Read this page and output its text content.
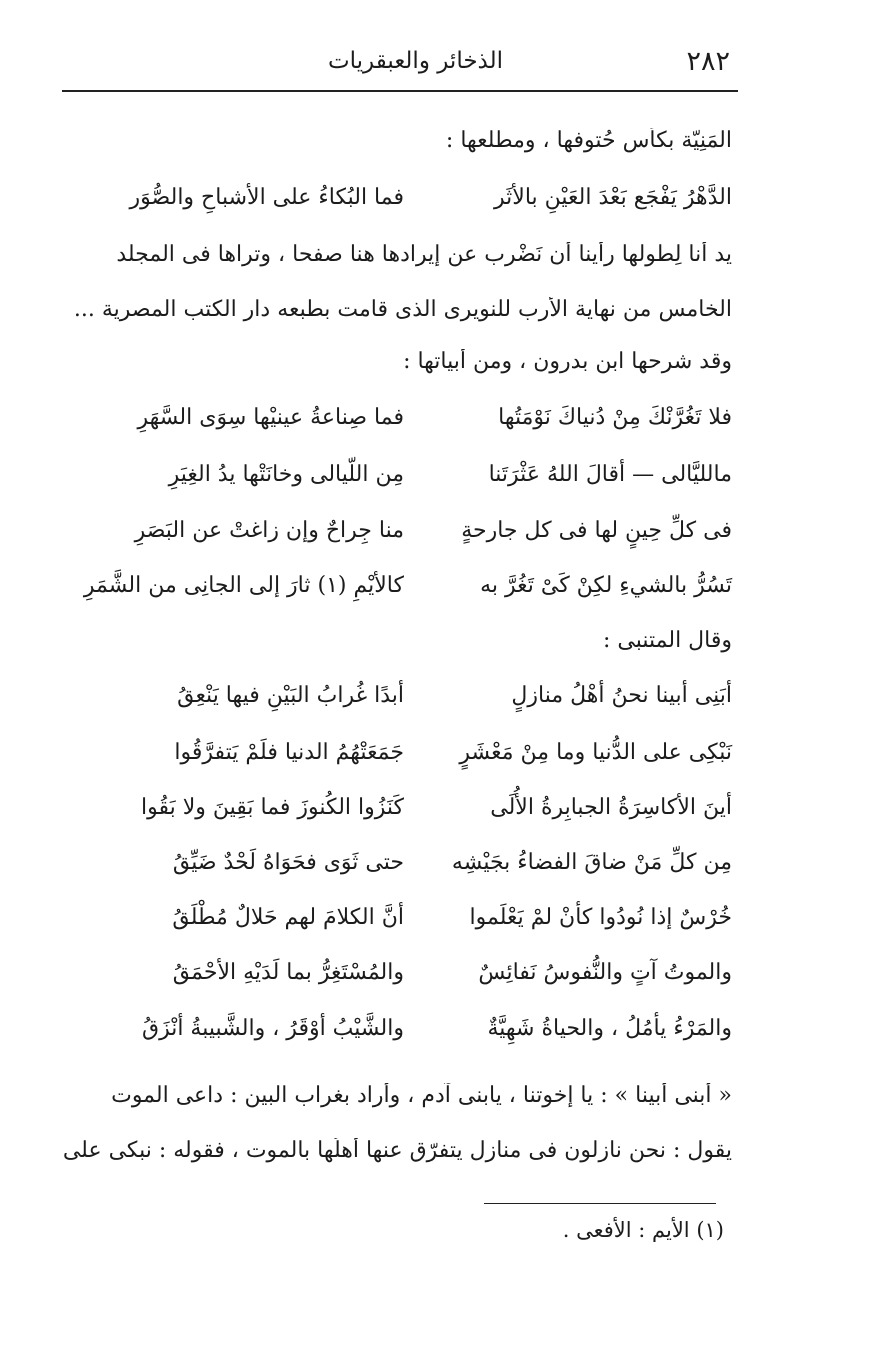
٢٨٢
الذخائر والعبقريات
المَنِيّة بكأسِ حُتوفها ، ومطلعها :
الدَّهْرُ يَفْجَع بَعْدَ العَيْنِ بالأثَر
فما البُكاءُ على الأشباحِ والصُّوَر
يد أنا لِطولها رأينا أن نَضْرِب عن إيرادها هنا صفحا ، وتراها فى المجلد
الخامس من نهاية الأرب للنويرى الذى قامت بطبعه دار الكتب المصرية ...
وقد شرحها ابن بدرون ، ومن أبياتها :
فلا تَغُرَّنْكَ مِنْ دُنياكَ نَوْمَتُها
فما صِناعةُ عينيْها سِوَى السَّهَرِ
مالليَّالى — أقالَ اللهُ عَثْرَتَنا
مِن اللّيالى وخانَتْها يدُ الغِيَرِ
فى كلِّ حِينٍ لها فى كل جارحةٍ
منا جِراحٌ وإن زاغتْ عن البَصَرِ
تَسُرُّ بالشيءِ لكِنْ كَىْ تَغُرَّ به
كالأيْمِ (١) ثارَ إلى الجانِى من الشَّمَرِ
وقال المتنبى :
أبَنِى أبينا نحنُ أهْلُ منازلٍ
أبدًا غُرابُ البَيْنِ فيها يَنْعِقُ
نَبْكِى على الدُّنيا وما مِنْ مَعْشَرٍ
جَمَعَتْهُمُ الدنيا فلَمْ يَتفرَّقُوا
أينَ الأكاسِرَةُ الجبابِرةُ الأُلَى
كَنَزُوا الكُنوزَ فما بَقِينَ ولا بَقُوا
مِن كلِّ مَنْ ضاقَ الفضاءُ بجَيْشِه
حتى ثَوَى فحَوَاهُ لَحْدٌ ضَيِّقُ
خُرْسٌ إذا نُودُوا كأنْ لمْ يَعْلَموا
أنَّ الكلامَ لهم حَلالٌ مُطْلَقُ
والموتُ آتٍ والنُّفوسُ نَفائِسٌ
والمُسْتَغِرُّ بما لَدَيْهِ الأحْمَقُ
والمَرْءُ يأمُلُ ، والحياةُ شَهِيَّةٌ
والشَّيْبُ أوْقَرُ ، والشَّبيبةُ أنْزَقُ
« أبنى أبينا » : يا إخوتنا ، يابنى آدم ، وأراد بغراب البين : داعى الموت
يقول : نحن نازلون فى منازل يتفرّق عنها أهلُها بالموت ، فقوله : نبكى على
(١) الأيم : الأفعى .
